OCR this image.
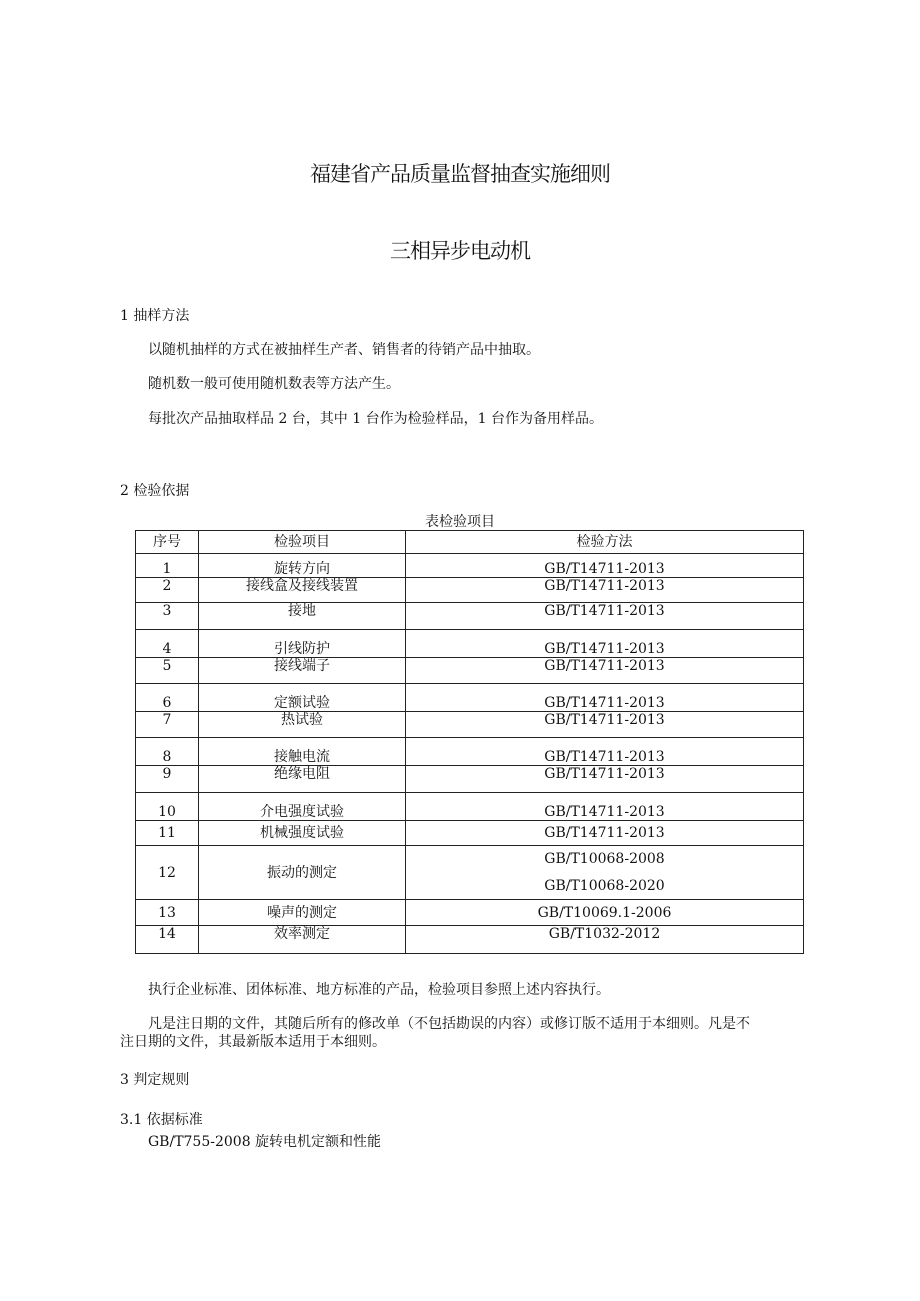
福建省产品质量监督抽查实施细则
三相异步电动机
1 抽样方法
以随机抽样的方式在被抽样生产者、销售者的待销产品中抽取。
随机数一般可使用随机数表等方法产生。
每批次产品抽取样品 2 台，其中 1 台作为检验样品，1 台作为备用样品。
2 检验依据
表检验项目
序号	检验项目	检验方法
1	旋转方向	GB/T14711-2013
2	接线盒及接线装置	GB/T14711-2013
3	接地	GB/T14711-2013
4	引线防护	GB/T14711-2013
5	接线端子	GB/T14711-2013
6	定额试验	GB/T14711-2013
7	热试验	GB/T14711-2013
8	接触电流	GB/T14711-2013
9	绝缘电阻	GB/T14711-2013
10	介电强度试验	GB/T14711-2013
11	机械强度试验	GB/T14711-2013
12	振动的测定	GB/T10068-2008
GB/T10068-2020

13	噪声的测定	GB/T10069.1-2006
14	效率测定	GB/T1032-2012
执行企业标准、团体标准、地方标准的产品，检验项目参照上述内容执行。
凡是注日期的文件，其随后所有的修改单（不包括勘误的内容）或修订版不适用于本细则。凡是不
注日期的文件，其最新版本适用于本细则。
3 判定规则
3.1 依据标准
GB/T755-2008 旋转电机定额和性能
